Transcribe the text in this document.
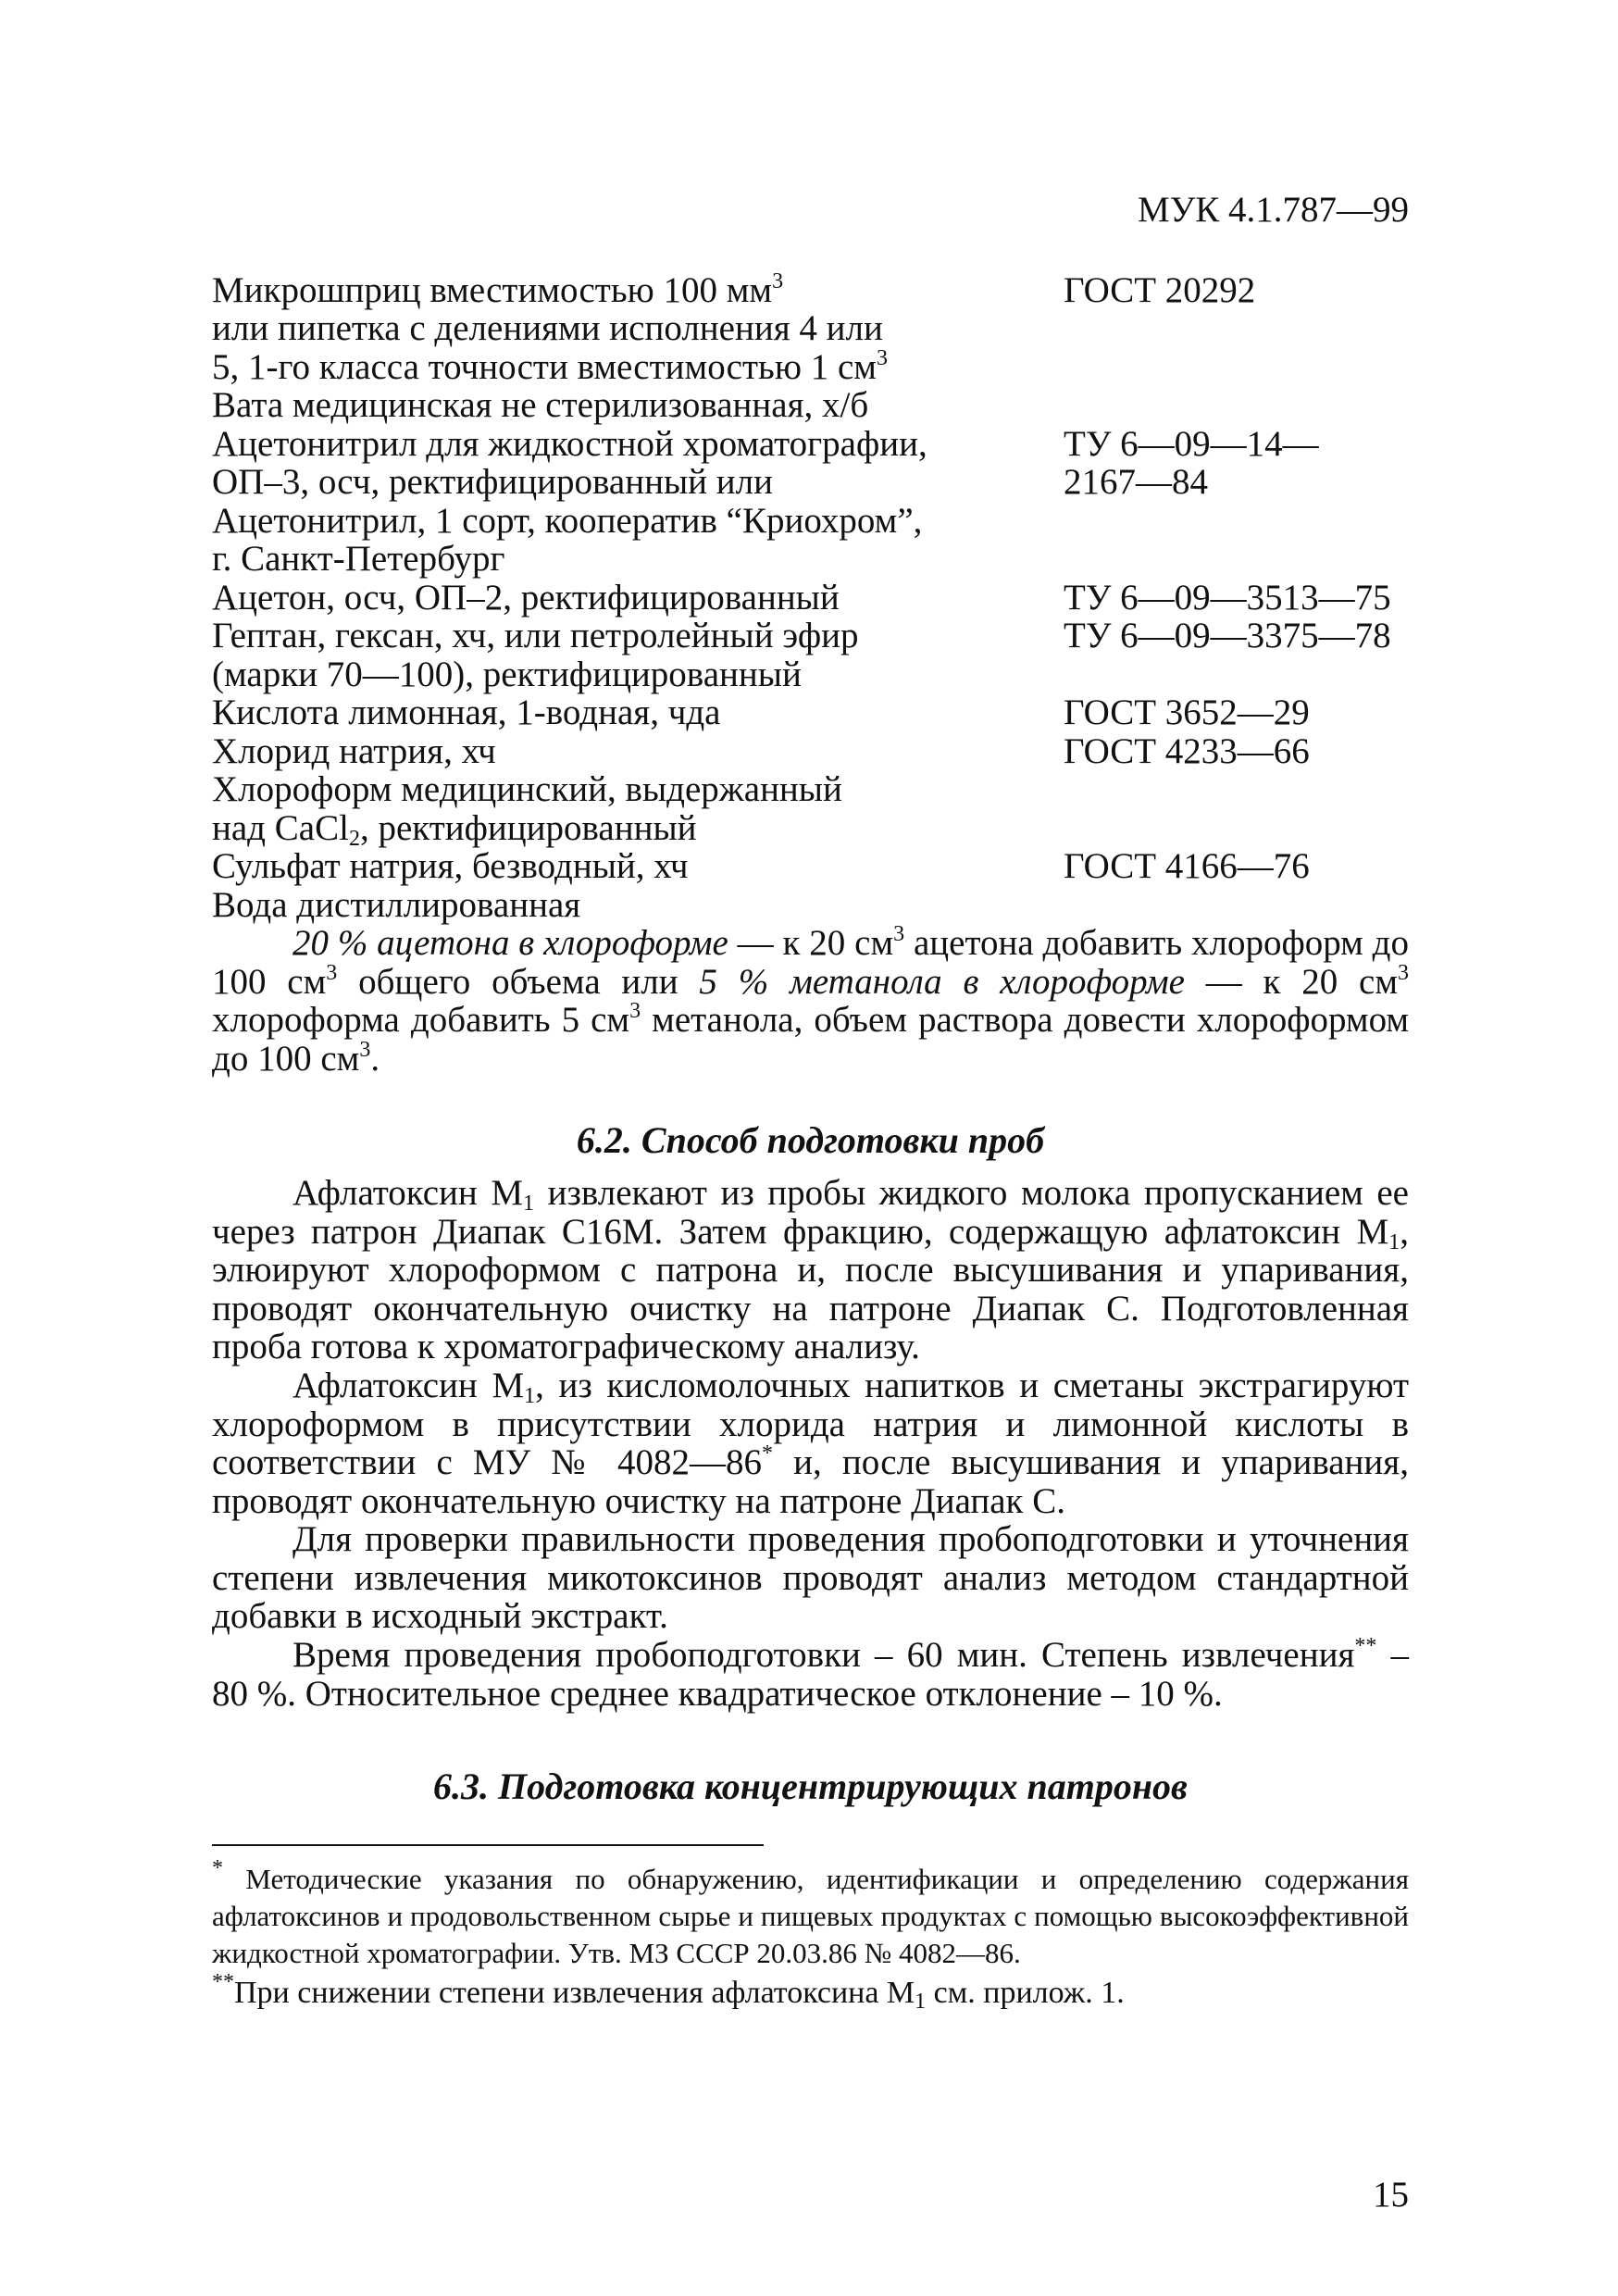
МУК 4.1.787—99
Микрошприц вместимостью 100 $мм^3$	ГОСТ 20292
или пипетка с делениями исполнения 4 или
5, 1-го класса точности вместимостью 1 $см^3$
Вата медицинская не стерилизованная, х/б
Ацетонитрил для жидкостной хроматографии,	ТУ 6—09—14—
ОП–3, осч, ректифицированный или	2167—84
Ацетонитрил, 1 сорт, кооператив “Криохром”,
г. Санкт-Петербург
Ацетон, осч, ОП–2, ректифицированный	ТУ 6—09—3513—75
Гептан, гексан, хч, или петролейный эфир	ТУ 6—09—3375—78
(марки 70—100), ректифицированный
Кислота лимонная, 1-водная, чда	ГОСТ 3652—29
Хлорид натрия, хч	ГОСТ 4233—66
Хлороформ медицинский, выдержанный
над CaCl$_2$, ректифицированный
Сульфат натрия, безводный, хч	ГОСТ 4166—76
Вода дистиллированная
20 % ацетона в хлороформе — к 20 $см^3$ ацетона добавить хлороформ до 100 $см^3$ общего объема или 5 % метанола в хлороформе — к 20 $см^3$ хлороформа добавить 5 $см^3$ метанола, объем раствора довести хлороформом до 100 $см^3$.
6.2. Способ подготовки проб
Афлатоксин $М_1$ извлекают из пробы жидкого молока пропусканием ее через патрон Диапак С16М. Затем фракцию, содержащую афлатоксин $М_1$, элюируют хлороформом с патрона и, после высушивания и упаривания, проводят окончательную очистку на патроне Диапак С. Подготовленная проба готова к хроматографическому анализу.
Афлатоксин $М_1$, из кисломолочных напитков и сметаны экстрагируют хлороформом в присутствии хлорида натрия и лимонной кислоты в соответствии с МУ № 4082—86* и, после высушивания и упаривания, проводят окончательную очистку на патроне Диапак С.
Для проверки правильности проведения пробоподготовки и уточнения степени извлечения микотоксинов проводят анализ методом стандартной добавки в исходный экстракт.
Время проведения пробоподготовки – 60 мин. Степень извлечения** – 80 %. Относительное среднее квадратическое отклонение – 10 %.
6.3. Подготовка концентрирующих патронов
* Методические указания по обнаружению, идентификации и определению содержания афлатоксинов и продовольственном сырье и пищевых продуктах с помощью высокоэффективной жидкостной хроматографии. Утв. МЗ СССР 20.03.86 № 4082—86.
**При снижении степени извлечения афлатоксина $М_1$ см. прилож. 1.
15
